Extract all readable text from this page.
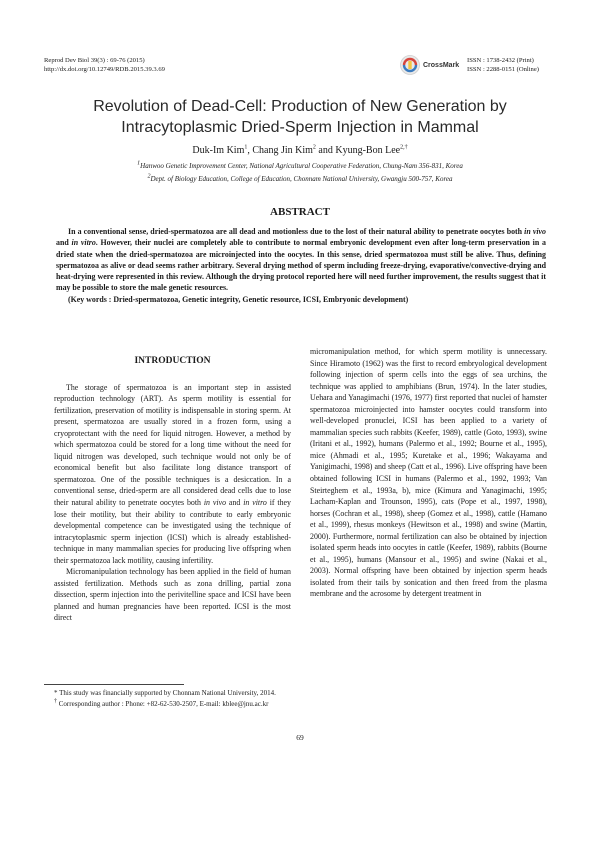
Reprod Dev Biol 39(3) : 69-76 (2015)
http://dx.doi.org/10.12749/RDB.2015.39.3.69
CrossMark
ISSN : 1738-2432 (Print)
ISSN : 2288-0151 (Online)
Revolution of Dead-Cell: Production of New Generation by
Intracytoplasmic Dried-Sperm Injection in Mammal
Duk-Im Kim$^1$, Chang Jin Kim$^2$ and Kyung-Bon Lee$^{2,\dagger}$
$^1$Hanwoo Genetic Improvement Center, National Agricultural Cooperative Federation, Chung-Nam 356-831, Korea
$^2$Dept. of Biology Education, College of Education, Chonnam National University, Gwangju 500-757, Korea
ABSTRACT

In a conventional sense, dried-spermatozoa are all dead and motionless due to the lost of their natural ability to penetrate oocytes both in vivo and in vitro. However, their nuclei are completely able to contribute to normal embryonic development even after long-term preservation in a dried state when the dried-spermatozoa are microinjected into the oocytes. In this sense, dried spermatozoa must still be alive. Thus, defining spermatozoa as alive or dead seems rather arbitrary. Several drying method of sperm including freeze-drying, evaporative/convective-drying and heat-drying were represented in this review. Although the drying protocol reported here will need further improvement, the results suggest that it may be possible to store the male genetic resources.

(Key words : Dried-spermatozoa, Genetic integrity, Genetic resource, ICSI, Embryonic development)

INTRODUCTION

The storage of spermatozoa is an important step in assisted reproduction technology (ART). As sperm motility is essential for fertilization, preservation of motility is indispensable in storing sperm. At present, spermatozoa are usually stored in a frozen form, using a cryoprotectant with the need for liquid nitrogen. However, a method by which spermatozoa could be stored for a long time without the need for liquid nitrogen was developed, such technique would not only be of economical benefit but also facilitate long distance transport of spermatozoa. One of the possible techniques is a desiccation. In a conventional sense, dried-sperm are all considered dead cells due to lose their natural ability to penetrate oocytes both in vivo and in vitro if they lose their motility, but their ability to contribute to early embryonic developmental competence can be investigated using the technique of intracytoplasmic sperm injection (ICSI) which is already established-technique in many mammalian species for producing live offspring when their spermatozoa lack motility, causing infertility.

Micromanipulation technology has been applied in the field of human assisted fertilization. Methods such as zona drilling, partial zona dissection, sperm injection into the perivitelline space and ICSI have been planned and human pregnancies have been reported. ICSI is the most direct

micromanipulation method, for which sperm motility is unnecessary. Since Hiramoto (1962) was the first to record embryological development following injection of sperm cells into the eggs of sea urchins, the technique was applied to amphibians (Brun, 1974). In the later studies, Uehara and Yanagimachi (1976, 1977) first reported that nuclei of hamster spermatozoa microinjected into hamster oocytes could transform into well-developed pronuclei, ICSI has been applied to a variety of mammalian species such rabbits (Keefer, 1989), cattle (Goto, 1993), swine (Iritani et al., 1992), humans (Palermo et al., 1992; Bourne et al., 1995), mice (Ahmadi et al., 1995; Kuretake et al., 1996; Wakayama and Yanigimachi, 1998) and sheep (Catt et al., 1996). Live offspring have been obtained following ICSI in humans (Palermo et al., 1992, 1993; Van Steirteghem et al., 1993a, b), mice (Kimura and Yanagimachi, 1995; Lacham-Kaplan and Trounson, 1995), cats (Pope et al., 1997, 1998), horses (Cochran et al., 1998), sheep (Gomez et al., 1998), cattle (Hamano et al., 1999), rhesus monkeys (Hewitson et al., 1998) and swine (Martin, 2000). Furthermore, normal fertilization can also be obtained by injection isolated sperm heads into oocytes in cattle (Keefer, 1989), rabbits (Bourne et al., 1995), humans (Mansour et al., 1995) and swine (Nakai et al., 2003). Normal offspring have been obtained by injection sperm heads isolated from their tails by sonication and then freed from the plasma membrane and the acrosome by detergent treatment in

* This study was financially supported by Chonnam National University, 2014.
† Corresponding author : Phone: +82-62-530-2507, E-mail: kblee@jnu.ac.kr
69
